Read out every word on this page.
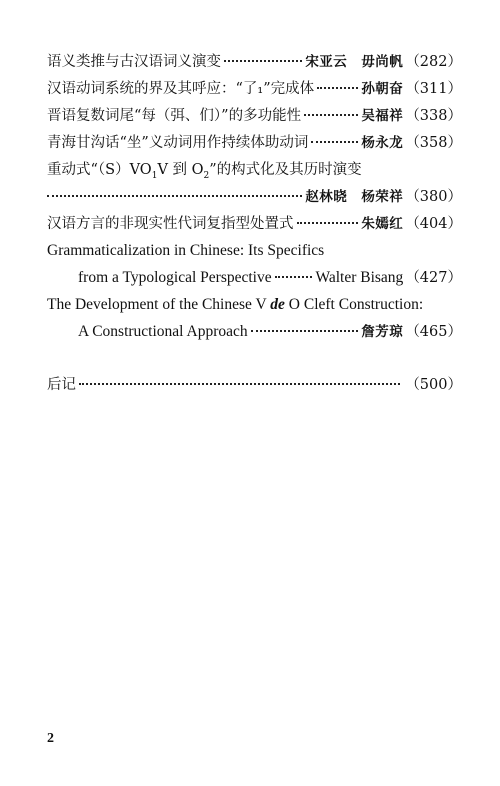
语义类推与古汉语词义演变	宋亚云 毋尚帆 （282）
汉语动词系统的界及其呼应：“了₁”完成体	孙朝奋 （311）
晋语复数词尾“每（弭、们）”的多功能性	吴福祥 （338）
青海甘沟话“坐”义动词用作持续体助动词	杨永龙 （358）
重动式“$(S)VO_1V$ 到 $O_2$”的构式化及其历时演变
赵林晓 杨荣祥 （380）
汉语方言的非现实性代词复指型处置式	朱嫣红 （404）
Grammaticalization in Chinese: Its Specifics
from a Typological Perspective	Walter Bisang （427）
The Development of the Chinese V de O Cleft Construction:
A Constructional Approach	詹芳琼 （465）
后记	（500）
2
